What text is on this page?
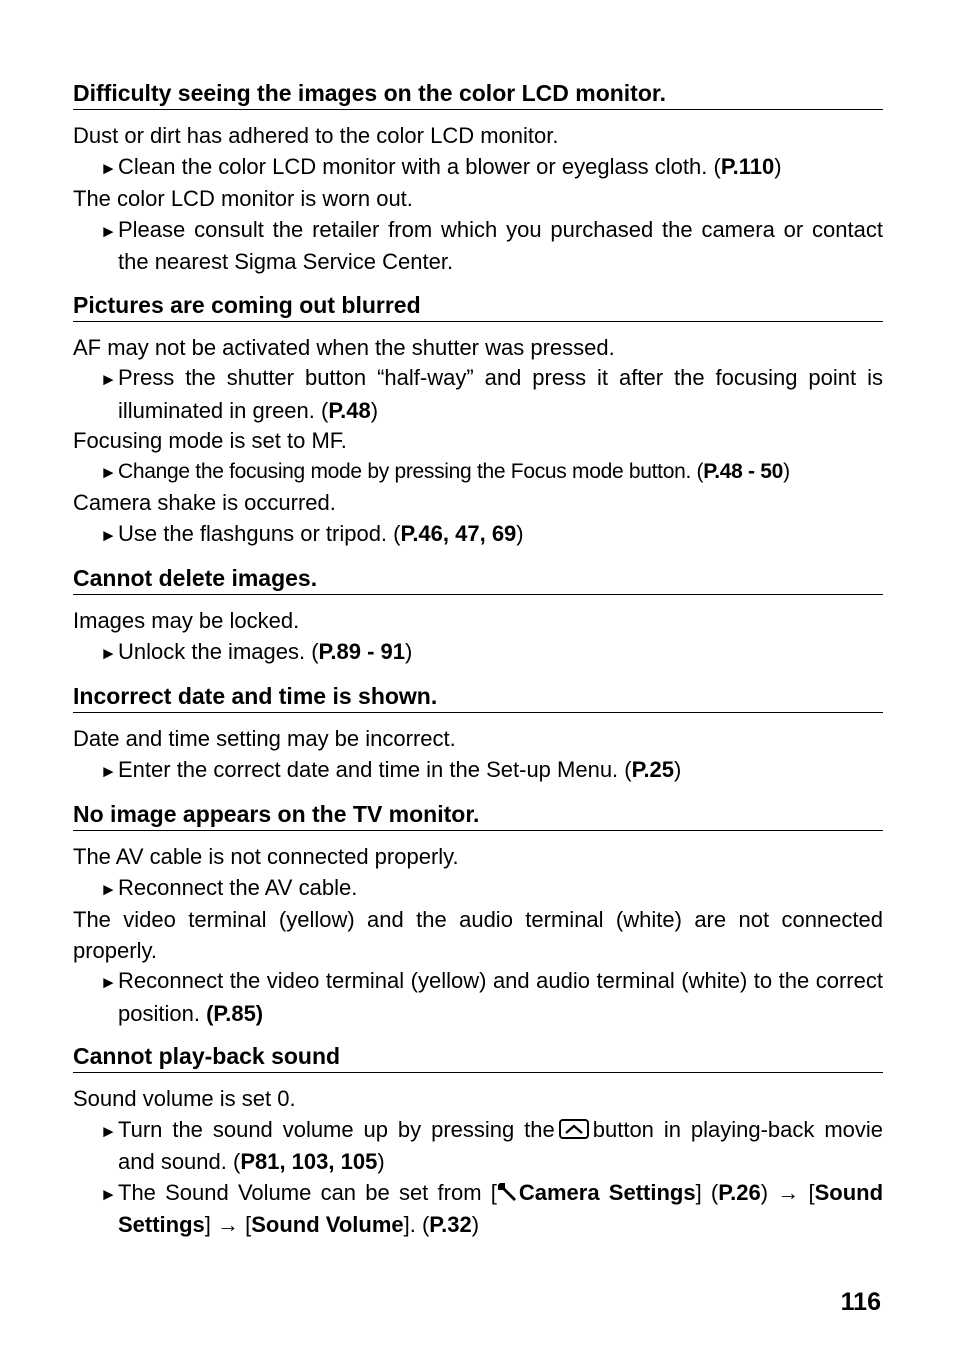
Difficulty seeing the images on the color LCD monitor.
Dust or dirt has adhered to the color LCD monitor.
►Clean the color LCD monitor with a blower or eyeglass cloth. (P.110)
The color LCD monitor is worn out.
►Please consult the retailer from which you purchased the camera or contact the nearest Sigma Service Center.
Pictures are coming out blurred
AF may not be activated when the shutter was pressed.
►Press the shutter button “half-way” and press it after the focusing point is illuminated in green. (P.48)
Focusing mode is set to MF.
►Change the focusing mode by pressing the Focus mode button. (P.48 - 50)
Camera shake is occurred.
►Use the flashguns or tripod. (P.46, 47, 69)
Cannot delete images.
Images may be locked.
►Unlock the images. (P.89 - 91)
Incorrect date and time is shown.
Date and time setting may be incorrect.
►Enter the correct date and time in the Set-up Menu. (P.25)
No image appears on the TV monitor.
The AV cable is not connected properly.
►Reconnect the AV cable.
The video terminal (yellow) and the audio terminal (white) are not connected properly.
►Reconnect the video terminal (yellow) and audio terminal (white) to the correct position. (P.85)
Cannot play-back sound
Sound volume is set 0.
►Turn the sound volume up by pressing the button in playing-back movie and sound. (P81, 103, 105)
►The Sound Volume can be set from [ Camera Settings] (P.26) → [Sound Settings] → [Sound Volume]. (P.32)
116
